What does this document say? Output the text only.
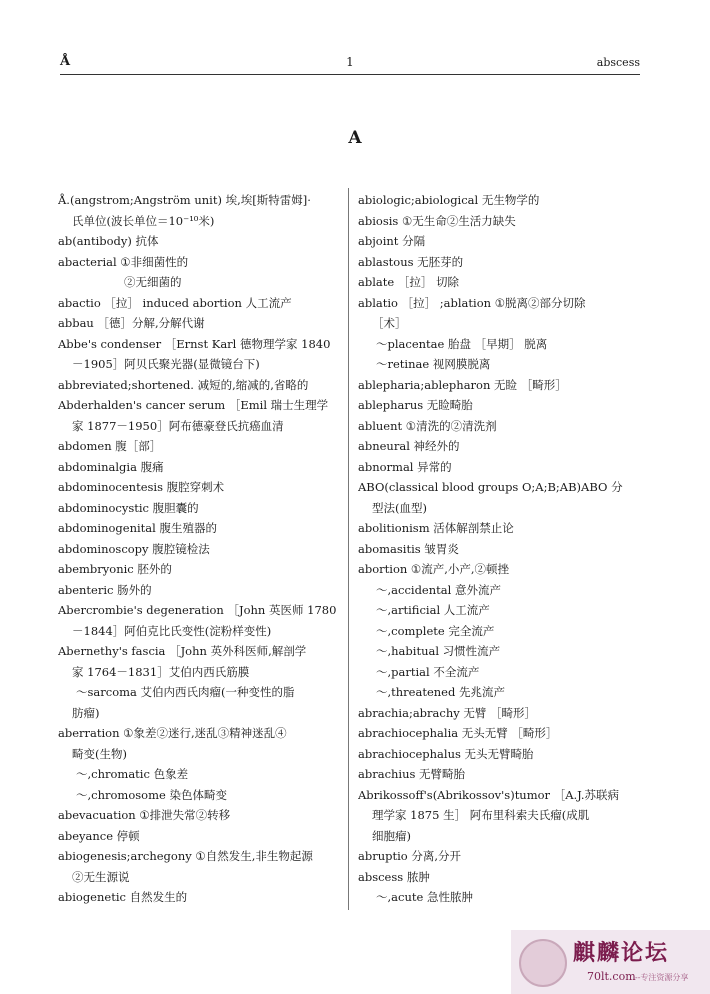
Å	1	abscess
A
Å.(angstrom;Angström unit) 埃,埃[斯特雷姆]·
氏单位(波长单位＝10⁻¹⁰米)
ab(antibody) 抗体
abacterial ①非细菌性的
②无细菌的
abactio ［拉］ induced abortion 人工流产
abbau ［德］分解,分解代谢
Abbe's condenser ［Ernst Karl 德物理学家 1840
－1905］阿贝氏聚光器(显微镜台下)
abbreviated;shortened. 减短的,缩减的,省略的
Abderhalden's cancer serum ［Emil 瑞士生理学
家 1877－1950］阿布德豪登氏抗癌血清
abdomen 腹［部］
abdominalgia 腹痛
abdominocentesis 腹腔穿刺术
abdominocystic 腹胆囊的
abdominogenital 腹生殖器的
abdominoscopy 腹腔镜检法
abembryonic 胚外的
abenteric 肠外的
Abercrombie's degeneration ［John 英医师 1780
－1844］阿伯克比氏变性(淀粉样变性)
Abernethy's fascia ［John 英外科医师,解剖学
家 1764－1831］艾伯内西氏筋膜
～sarcoma 艾伯内西氏肉瘤(一种变性的脂
肪瘤)
aberration ①象差②迷行,迷乱③精神迷乱④
畸变(生物)
～,chromatic 色象差
～,chromosome 染色体畸变
abevacuation ①排泄失常②转移
abeyance 停顿
abiogenesis;archegony ①自然发生,非生物起源
②无生源说
abiogenetic 自然发生的
abiologic;abiological 无生物学的
abiosis ①无生命②生活力缺失
abjoint 分隔
ablastous 无胚芽的
ablate ［拉］ 切除
ablatio ［拉］ ;ablation ①脱离②部分切除
［术］
～placentae 胎盘 ［早期］ 脱离
～retinae 视网膜脱离
ablepharia;ablepharon 无睑 ［畸形］
ablepharus 无睑畸胎
abluent ①清洗的②清洗剂
abneural 神经外的
abnormal 异常的
ABO(classical blood groups O;A;B;AB)ABO 分
型法(血型)
abolitionism 活体解剖禁止论
abomasitis 皱胃炎
abortion ①流产,小产,②顿挫
～,accidental 意外流产
～,artificial 人工流产
～,complete 完全流产
～,habitual 习惯性流产
～,partial 不全流产
～,threatened 先兆流产
abrachia;abrachy 无臂 ［畸形］
abrachiocephalia 无头无臂 ［畸形］
abrachiocephalus 无头无臂畸胎
abrachius 无臂畸胎
Abrikossoff's(Abrikossov's)tumor ［A.J.苏联病
理学家 1875 生］ 阿布里科索夫氏瘤(成肌
细胞瘤)
abruptio 分离,分开
abscess 脓肿
～,acute 急性脓肿
麒麟论坛
70lt.com --专注资源分享
